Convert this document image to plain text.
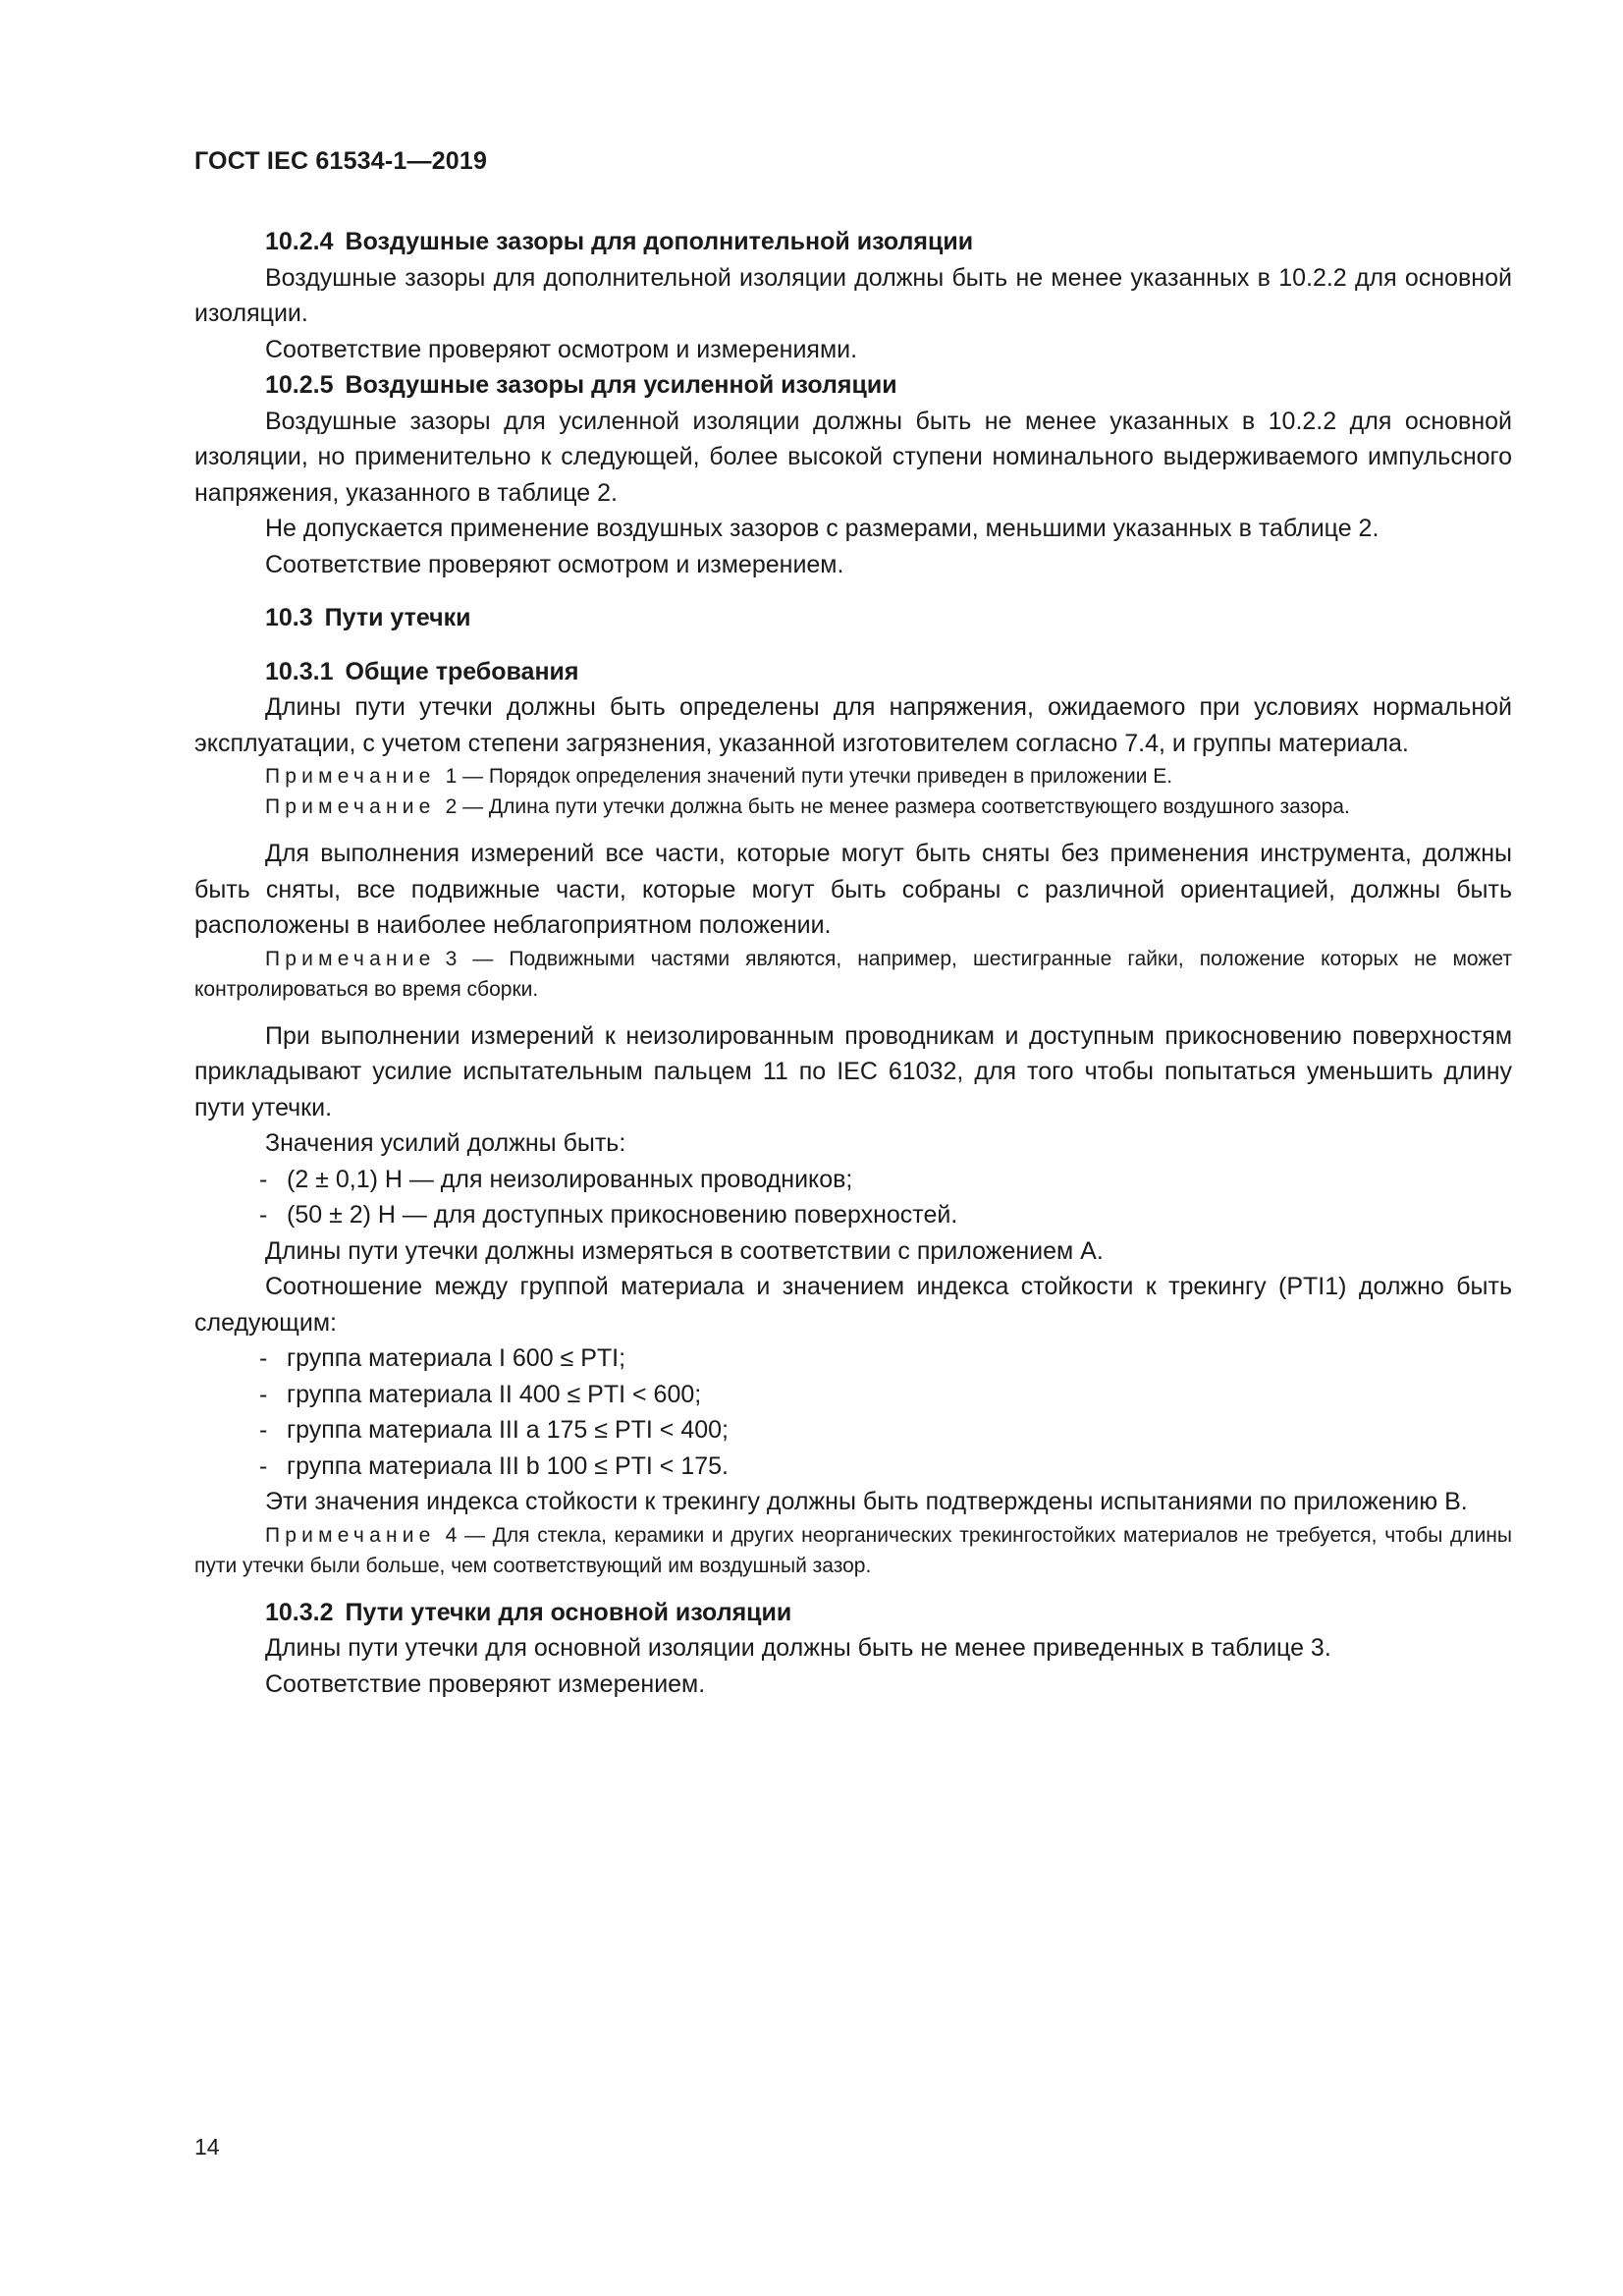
ГОСТ IEC 61534-1—2019
10.2.4 Воздушные зазоры для дополнительной изоляции

Воздушные зазоры для дополнительной изоляции должны быть не менее указанных в 10.2.2 для основной изоляции.

Соответствие проверяют осмотром и измерениями.

10.2.5 Воздушные зазоры для усиленной изоляции

Воздушные зазоры для усиленной изоляции должны быть не менее указанных в 10.2.2 для основной изоляции, но применительно к следующей, более высокой ступени номинального выдерживаемого импульсного напряжения, указанного в таблице 2.

Не допускается применение воздушных зазоров с размерами, меньшими указанных в таблице 2.

Соответствие проверяют осмотром и измерением.

10.3 Пути утечки
10.3.1 Общие требования

Длины пути утечки должны быть определены для напряжения, ожидаемого при условиях нормальной эксплуатации, с учетом степени загрязнения, указанной изготовителем согласно 7.4, и группы материала.

Примечание 1 — Порядок определения значений пути утечки приведен в приложении Е.

Примечание 2 — Длина пути утечки должна быть не менее размера соответствующего воздушного зазора.

Для выполнения измерений все части, которые могут быть сняты без применения инструмента, должны быть сняты, все подвижные части, которые могут быть собраны с различной ориентацией, должны быть расположены в наиболее неблагоприятном положении.

Примечание 3 — Подвижными частями являются, например, шестигранные гайки, положение которых не может контролироваться во время сборки.

При выполнении измерений к неизолированным проводникам и доступным прикосновению поверхностям прикладывают усилие испытательным пальцем 11 по IEC 61032, для того чтобы попытаться уменьшить длину пути утечки.

Значения усилий должны быть:

- (2 ± 0,1) Н — для неизолированных проводников;

- (50 ± 2) Н — для доступных прикосновению поверхностей.

Длины пути утечки должны измеряться в соответствии с приложением А.

Соотношение между группой материала и значением индекса стойкости к трекингу (PTI1) должно быть следующим:

- группа материала I 600 ≤ PTI;

- группа материала II 400 ≤ PTI < 600;

- группа материала III a 175 ≤ PTI < 400;

- группа материала III b 100 ≤ PTI < 175.

Эти значения индекса стойкости к трекингу должны быть подтверждены испытаниями по приложению В.

Примечание 4 — Для стекла, керамики и других неорганических трекингостойких материалов не требуется, чтобы длины пути утечки были больше, чем соответствующий им воздушный зазор.

10.3.2 Пути утечки для основной изоляции

Длины пути утечки для основной изоляции должны быть не менее приведенных в таблице 3.

Соответствие проверяют измерением.

14
